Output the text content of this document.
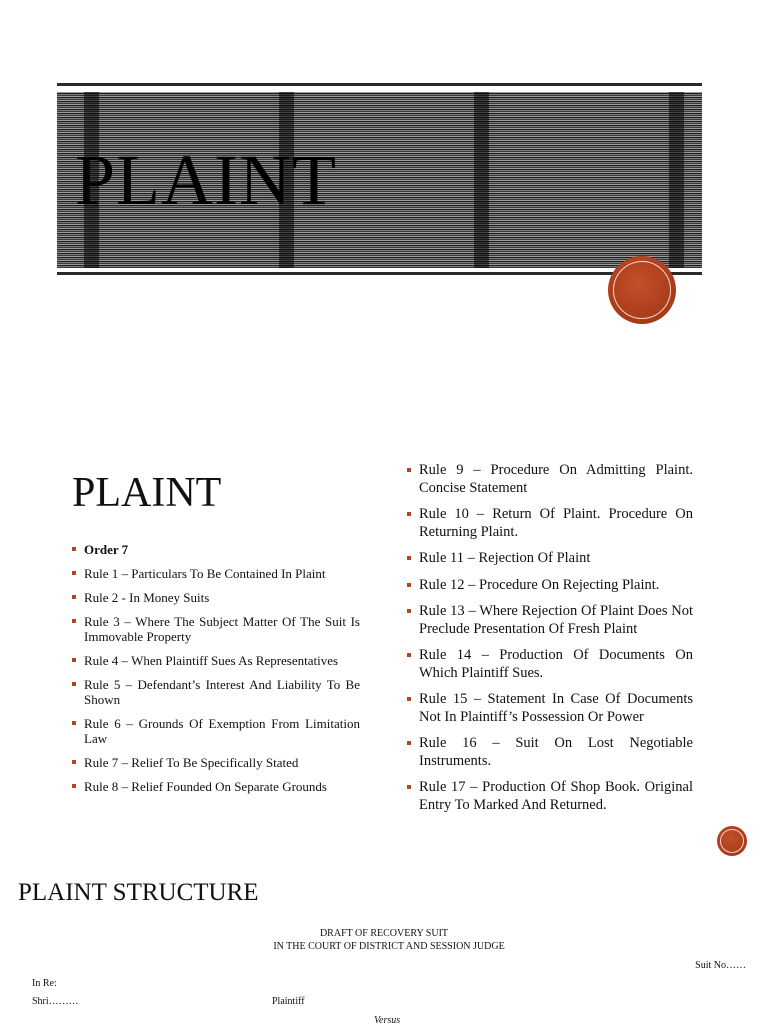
PLAINT
PLAINT
Order 7
Rule 1 – Particulars To Be Contained In Plaint
Rule 2 - In Money Suits
Rule 3 – Where The Subject Matter Of The Suit Is Immovable Property
Rule 4 – When Plaintiff Sues As Representatives
Rule 5 – Defendant’s Interest And Liability To Be Shown
Rule 6 – Grounds Of Exemption From Limitation Law
Rule 7 – Relief To Be Specifically Stated
Rule 8 – Relief Founded On Separate Grounds
Rule 9 – Procedure On Admitting Plaint. Concise Statement
Rule 10 – Return Of Plaint. Procedure On Returning Plaint.
Rule 11 – Rejection Of Plaint
Rule 12 – Procedure On Rejecting Plaint.
Rule 13 – Where Rejection Of Plaint Does Not Preclude Presentation Of Fresh Plaint
Rule 14 – Production Of Documents On Which Plaintiff Sues.
Rule 15 – Statement In Case Of Documents Not In Plaintiff’s Possession Or Power
Rule 16 – Suit On Lost Negotiable Instruments.
Rule 17 – Production Of Shop Book. Original Entry To Marked And Returned.
PLAINT STRUCTURE
DRAFT OF RECOVERY SUIT
IN THE COURT OF DISTRICT AND SESSION JUDGE
Suit No……
In Re:
Shri………	Plaintiff
Versus
